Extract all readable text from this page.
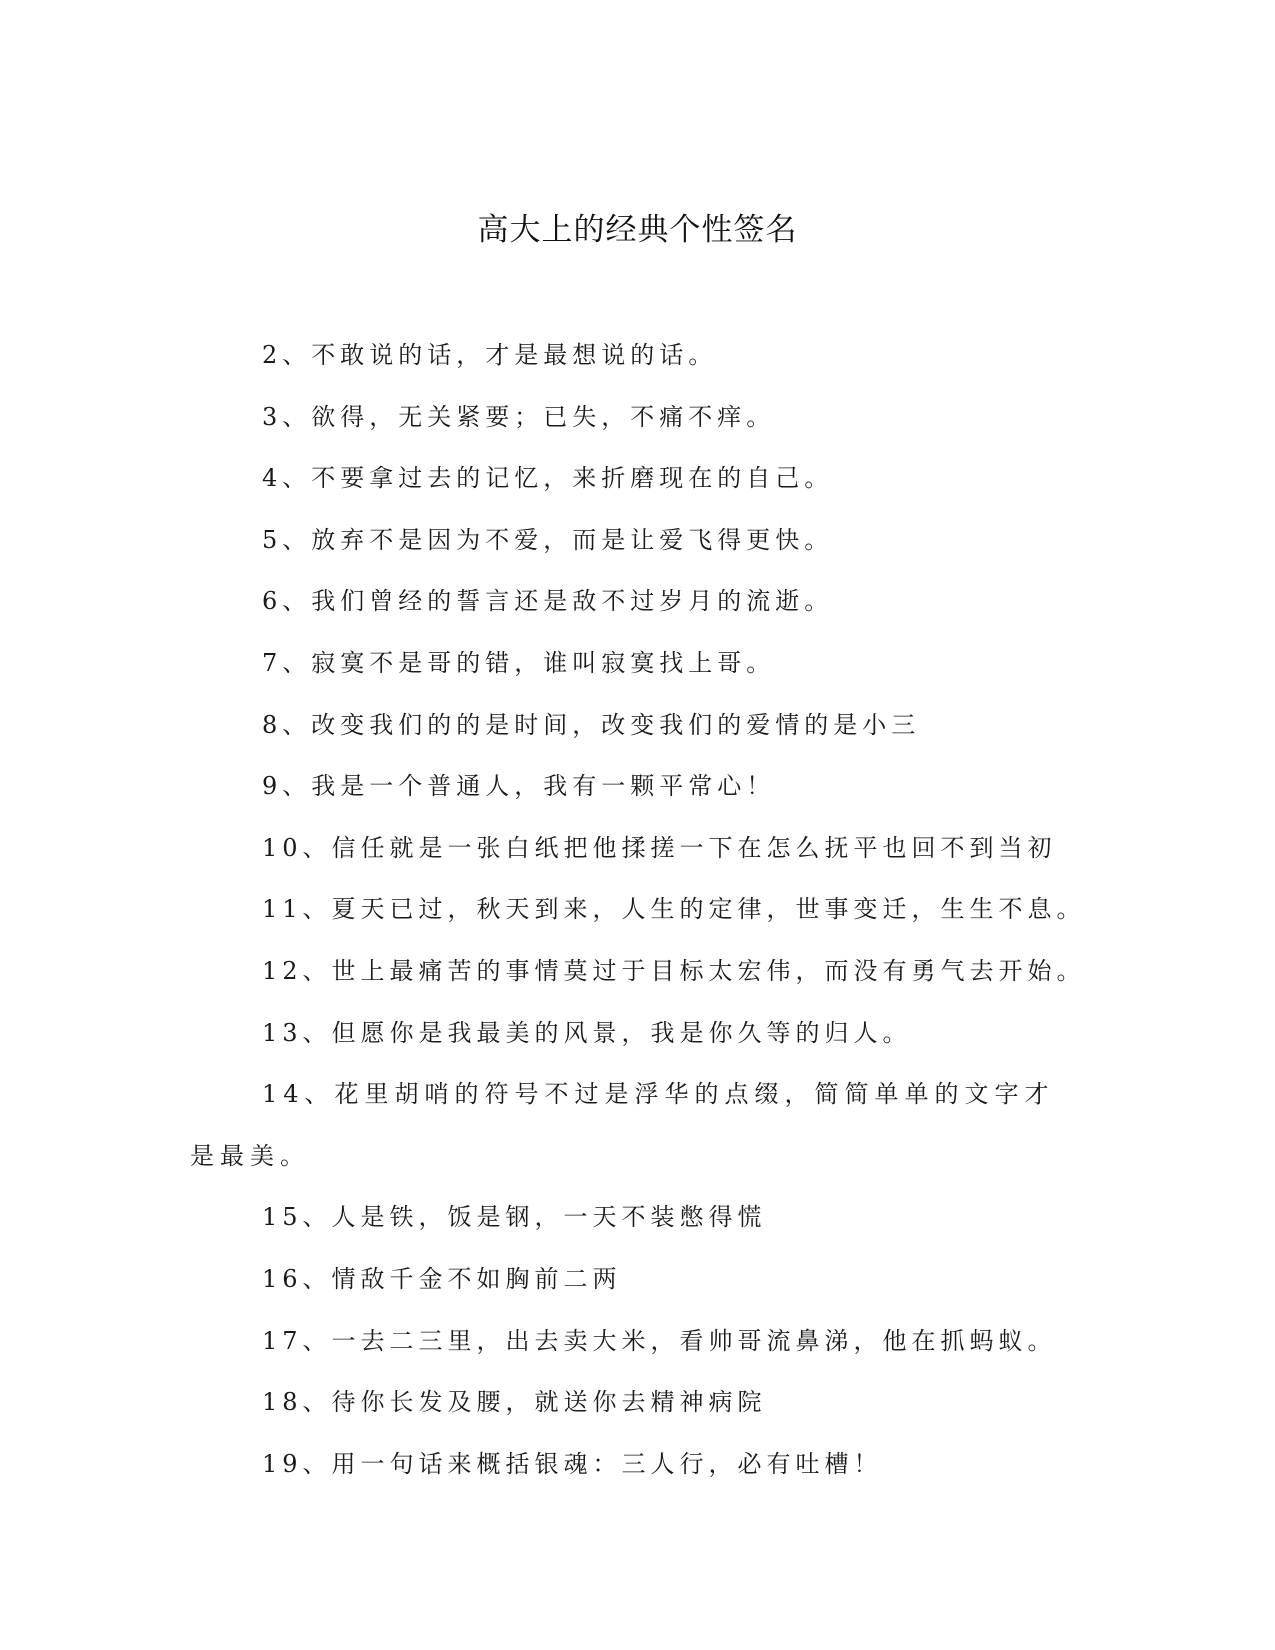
高大上的经典个性签名

2、不敢说的话，才是最想说的话。

3、欲得，无关紧要；已失，不痛不痒。

4、不要拿过去的记忆，来折磨现在的自己。

5、放弃不是因为不爱，而是让爱飞得更快。

6、我们曾经的誓言还是敌不过岁月的流逝。

7、寂寞不是哥的错，谁叫寂寞找上哥。

8、改变我们的的是时间，改变我们的爱情的是小三

9、我是一个普通人，我有一颗平常心！

10、信任就是一张白纸把他揉搓一下在怎么抚平也回不到当初

11、夏天已过，秋天到来，人生的定律，世事变迁，生生不息。

12、世上最痛苦的事情莫过于目标太宏伟，而没有勇气去开始。

13、但愿你是我最美的风景，我是你久等的归人。

14、花里胡哨的符号不过是浮华的点缀，简简单单的文字才是最美。

15、人是铁，饭是钢，一天不装憋得慌

16、情敌千金不如胸前二两

17、一去二三里，出去卖大米，看帅哥流鼻涕，他在抓蚂蚁。

18、待你长发及腰，就送你去精神病院

19、用一句话来概括银魂：三人行，必有吐槽！
